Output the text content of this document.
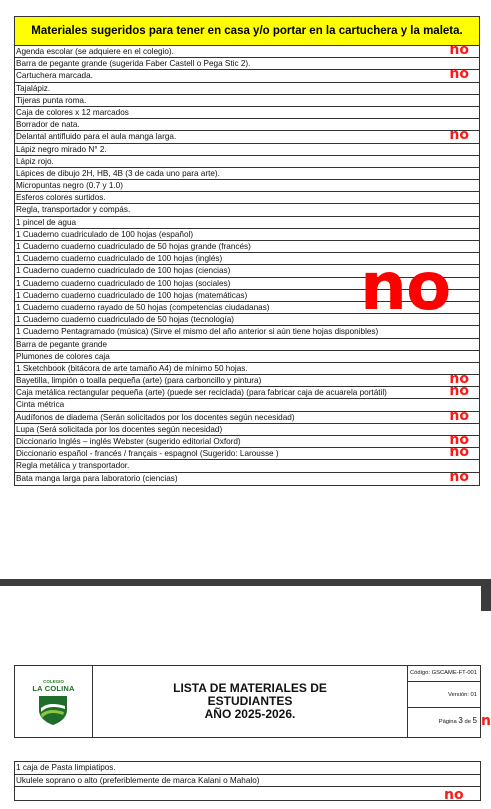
Materiales sugeridos para tener en casa y/o portar en la cartuchera y la maleta.
Agenda escolar (se adquiere en el colegio).	no
Barra de pegante grande (sugerida Faber Castell o Pega Stic 2).
Cartuchera marcada.	no
Tajalápiz.
Tijeras punta roma.
Caja de colores x 12 marcados
Borrador de nata.
Delantal antifluido para el aula manga larga.	no
Lápiz negro mirado N° 2.
Lápiz rojo.
Lápices de dibujo 2H, HB, 4B (3 de cada uno para arte).
Micropuntas negro (0.7 y 1.0)
Esferos colores surtidos.
Regla, transportador y compás.
1 pincel de agua
1 Cuaderno cuadriculado de 100 hojas (español)
1 Cuaderno cuaderno cuadriculado de 50 hojas grande (francés)
1 Cuaderno cuaderno cuadriculado de 100 hojas (inglés)
1 Cuaderno cuaderno cuadriculado de 100 hojas (ciencias)
1 Cuaderno cuaderno cuadriculado de 100 hojas (sociales)
1 Cuaderno cuaderno cuadriculado de 100 hojas (matemáticas)
1 Cuaderno cuaderno rayado de 50 hojas (competencias ciudadanas)
1 Cuaderno cuaderno cuadriculado de 50 hojas (tecnología)
1 Cuaderno Pentagramado (música) (Sirve el mismo del año anterior si aún tiene hojas disponibles)
Barra de pegante grande
Plumones de colores caja
1 Sketchbook (bitácora de arte tamaño A4) de mínimo 50 hojas.
Bayetilla, limpión o toalla pequeña (arte) (para carboncillo y pintura)	no
Caja metálica rectangular pequeña (arte) (puede ser reciclada) (para fabricar caja de acuarela portátil)	no
Cinta métrica
Audífonos de diadema (Serán solicitados por los docentes según necesidad)	no
Lupa (Será solicitada por los docentes según necesidad)
Diccionario Inglés – inglés Webster (sugerido editorial Oxford)	no
Diccionario español - francés / français - espagnol (Sugerido: Larousse )	no
Regla metálica y transportador.
Bata manga larga para laboratorio (ciencias)	no
no
COLEGIO
LA COLINA	LISTA DE MATERIALES DE
ESTUDIANTES
AÑO 2025-2026.
Código: GSCAME-FT-001
Versión: 01
Página 3 de 5 n
1 caja de Pasta limpiatipos.
Ukulele soprano o alto (preferiblemente de marca Kalani o Mahalo)
no
